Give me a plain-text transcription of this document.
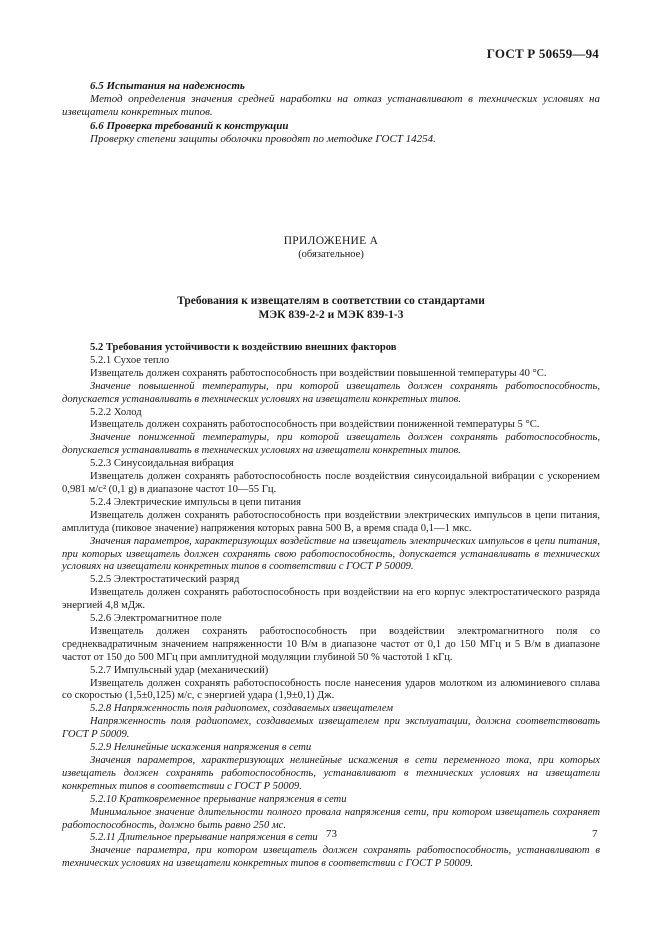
ГОСТ Р 50659—94

6.5 Испытания на надежность

Метод определения значения средней наработки на отказ устанавливают в технических условиях на извещатели конкретных типов.

6.6 Проверка требований к конструкции

Проверку степени защиты оболочки проводят по методике ГОСТ 14254.

ПРИЛОЖЕНИЕ А
(обязательное)
Требования к извещателям в соответствии со стандартами
МЭК 839-2-2 и МЭК 839-1-3

5.2 Требования устойчивости к воздействию внешних факторов

5.2.1 Сухое тепло

Извещатель должен сохранять работоспособность при воздействии повышенной температуры 40 °С.

Значение повышенной температуры, при которой извещатель должен сохранять работоспособность, допускается устанавливать в технических условиях на извещатели конкретных типов.

5.2.2 Холод

Извещатель должен сохранять работоспособность при воздействии пониженной температуры 5 °С.

Значение пониженной температуры, при которой извещатель должен сохранять работоспособность, допускается устанавливать в технических условиях на извещатели конкретных типов.

5.2.3 Синусоидальная вибрация

Извещатель должен сохранять работоспособность после воздействия синусоидальной вибрации с ускорением 0,981 м/с² (0,1 g) в диапазоне частот 10—55 Гц.

5.2.4 Электрические импульсы в цепи питания

Извещатель должен сохранять работоспособность при воздействии электрических импульсов в цепи питания, амплитуда (пиковое значение) напряжения которых равна 500 В, а время спада 0,1—1 мкс.

Значения параметров, характеризующих воздействие на извещатель электрических импульсов в цепи питания, при которых извещатель должен сохранять свою работоспособность, допускается устанавливать в технических условиях на извещатели конкретных типов в соответствии с ГОСТ Р 50009.

5.2.5 Электростатический разряд

Извещатель должен сохранять работоспособность при воздействии на его корпус электростатического разряда энергией 4,8 мДж.

5.2.6 Электромагнитное поле

Извещатель должен сохранять работоспособность при воздействии электромагнитного поля со среднеквадратичным значением напряженности 10 В/м в диапазоне частот от 0,1 до 150 МГц и 5 В/м в диапазоне частот от 150 до 500 МГц при амплитудной модуляции глубиной 50 % частотой 1 кГц.

5.2.7 Импульсный удар (механический)

Извещатель должен сохранять работоспособность после нанесения ударов молотком из алюминиевого сплава со скоростью (1,5±0,125) м/с, с энергией удара (1,9±0,1) Дж.

5.2.8 Напряженность поля радиопомех, создаваемых извещателем

Напряженность поля радиопомех, создаваемых извещателем при эксплуатации, должна соответствовать ГОСТ Р 50009.

5.2.9 Нелинейные искажения напряжения в сети

Значения параметров, характеризующих нелинейные искажения в сети переменного тока, при которых извещатель должен сохранять работоспособность, устанавливают в технических условиях на извещатели конкретных типов в соответствии с ГОСТ Р 50009.

5.2.10 Кратковременное прерывание напряжения в сети

Минимальное значение длительности полного провала напряжения сети, при котором извещатель сохраняет работоспособность, должно быть равно 250 мс.

5.2.11 Длительное прерывание напряжения в сети

Значение параметра, при котором извещатель должен сохранять работоспособность, устанавливают в технических условиях на извещатели конкретных типов в соответствии с ГОСТ Р 50009.

73	7
